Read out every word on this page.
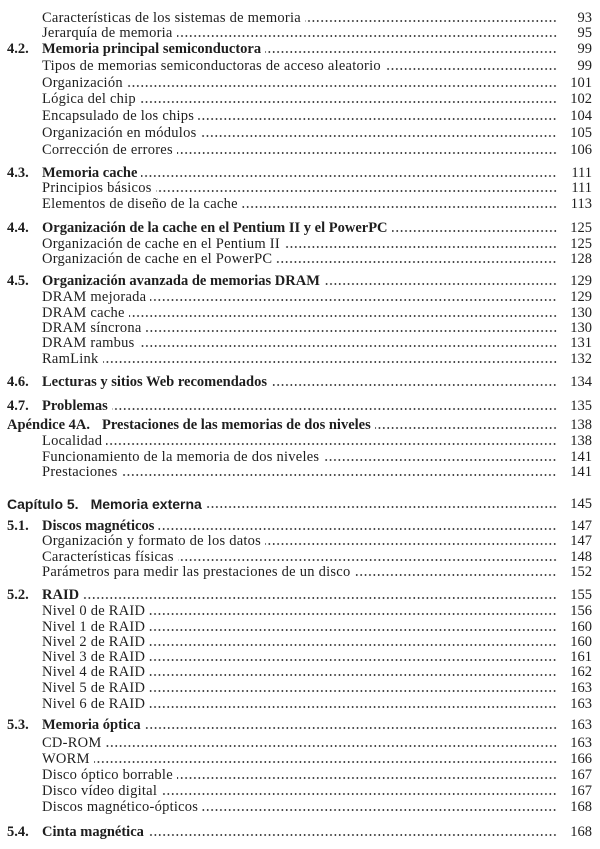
Características de los sistemas de memoria	93
Jerarquía de memoria	95
4.2. Memoria principal semiconductora	99
Tipos de memorias semiconductoras de acceso aleatorio	99
Organización	101
Lógica del chip	102
Encapsulado de los chips	104
Organización en módulos	105
Corrección de errores	106
4.3. Memoria cache	111
Principios básicos	111
Elementos de diseño de la cache	113
4.4. Organización de la cache en el Pentium II y el PowerPC	125
Organización de cache en el Pentium II	125
Organización de cache en el PowerPC	128
4.5. Organización avanzada de memorias DRAM	129
DRAM mejorada	129
DRAM cache	130
DRAM síncrona	130
DRAM rambus	131
RamLink	132
4.6. Lecturas y sitios Web recomendados	134
4.7. Problemas	135
Apéndice 4A. Prestaciones de las memorias de dos niveles	138
Localidad	138
Funcionamiento de la memoria de dos niveles	141
Prestaciones	141
Capítulo 5. Memoria externa	145
5.1. Discos magnéticos	147
Organización y formato de los datos	147
Características físicas	148
Parámetros para medir las prestaciones de un disco	152
5.2. RAID	155
Nivel 0 de RAID	156
Nivel 1 de RAID	160
Nivel 2 de RAID	160
Nivel 3 de RAID	161
Nivel 4 de RAID	162
Nivel 5 de RAID	163
Nivel 6 de RAID	163
5.3. Memoria óptica	163
CD-ROM	163
WORM	166
Disco óptico borrable	167
Disco vídeo digital	167
Discos magnético-ópticos	168
5.4. Cinta magnética	168
